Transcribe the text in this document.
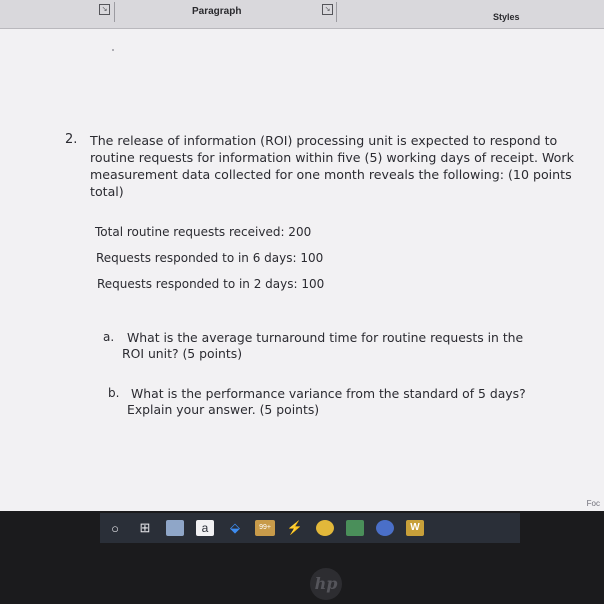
↘	Paragraph	↘
Styles
2. The release of information (ROI) processing unit is expected to respond to
routine requests for information within five (5) working days of receipt. Work
measurement data collected for one month reveals the following: (10 points
total)
Total routine requests received: 200
Requests responded to in 6 days: 100
Requests responded to in 2 days: 100
a. What is the average turnaround time for routine requests in the
ROI unit? (5 points)
b. What is the performance variance from the standard of 5 days?
Explain your answer. (5 points)
Foc
○	⊞	a	⬙	99+	⚡	W
hp
